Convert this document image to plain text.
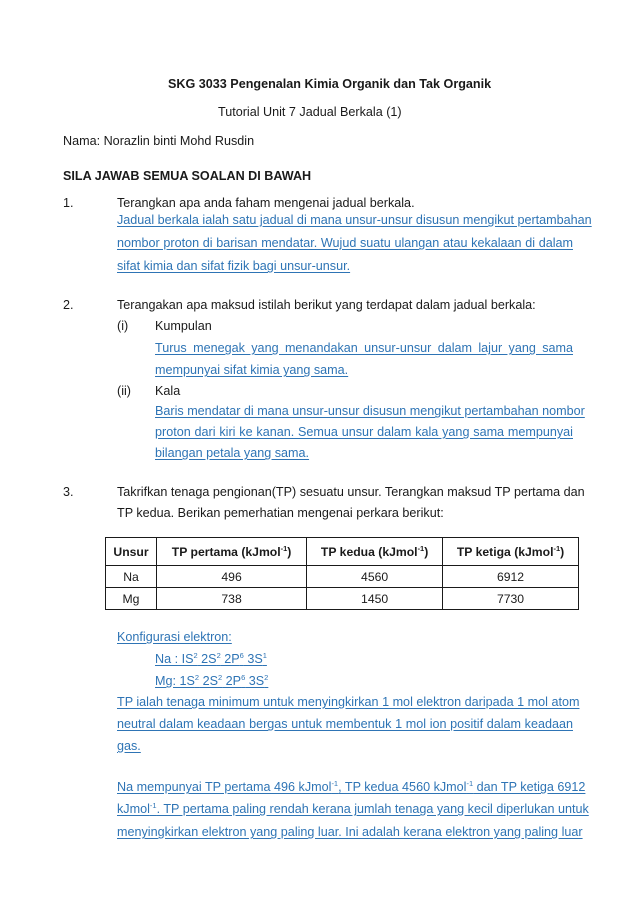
SKG 3033 Pengenalan Kimia Organik dan Tak Organik
Tutorial Unit 7 Jadual Berkala (1)
Nama: Norazlin binti Mohd Rusdin
SILA JAWAB SEMUA SOALAN DI BAWAH
1.	Terangkan apa anda faham mengenai jadual berkala.
Jadual berkala ialah satu jadual di mana unsur-unsur disusun mengikut pertambahan
nombor proton di barisan mendatar. Wujud suatu ulangan atau kekalaan di dalam
sifat kimia dan sifat fizik bagi unsur-unsur.
2.	Terangakan apa maksud istilah berikut yang terdapat dalam jadual berkala:
(i) Kumpulan
Turus menegak yang menandakan unsur-unsur dalam lajur yang sama
mempunyai sifat kimia yang sama.
(ii) Kala
Baris mendatar di mana unsur-unsur disusun mengikut pertambahan nombor
proton dari kiri ke kanan. Semua unsur dalam kala yang sama mempunyai
bilangan petala yang sama.
3.	Takrifkan tenaga pengionan(TP) sesuatu unsur. Terangkan maksud TP pertama dan
TP kedua. Berikan pemerhatian mengenai perkara berikut:
Unsur	TP pertama (kJmol$^{-1}$)	TP kedua (kJmol$^{-1}$)	TP ketiga (kJmol$^{-1}$)
Na	496	4560	6912
Mg	738	1450	7730
Konfigurasi elektron:
Na : $IS^2$ $2S^2$ $2P^6$ $3S^1$
Mg: $1S^2$ $2S^2$ $2P^6$ $3S^2$
TP ialah tenaga minimum untuk menyingkirkan 1 mol elektron daripada 1 mol atom
neutral dalam keadaan bergas untuk membentuk 1 mol ion positif dalam keadaan
gas.
Na mempunyai TP pertama 496 kJmol$^{-1}$, TP kedua 4560 kJmol$^{-1}$ dan TP ketiga 6912
kJmol$^{-1}$. TP pertama paling rendah kerana jumlah tenaga yang kecil diperlukan untuk
menyingkirkan elektron yang paling luar. Ini adalah kerana elektron yang paling luar
